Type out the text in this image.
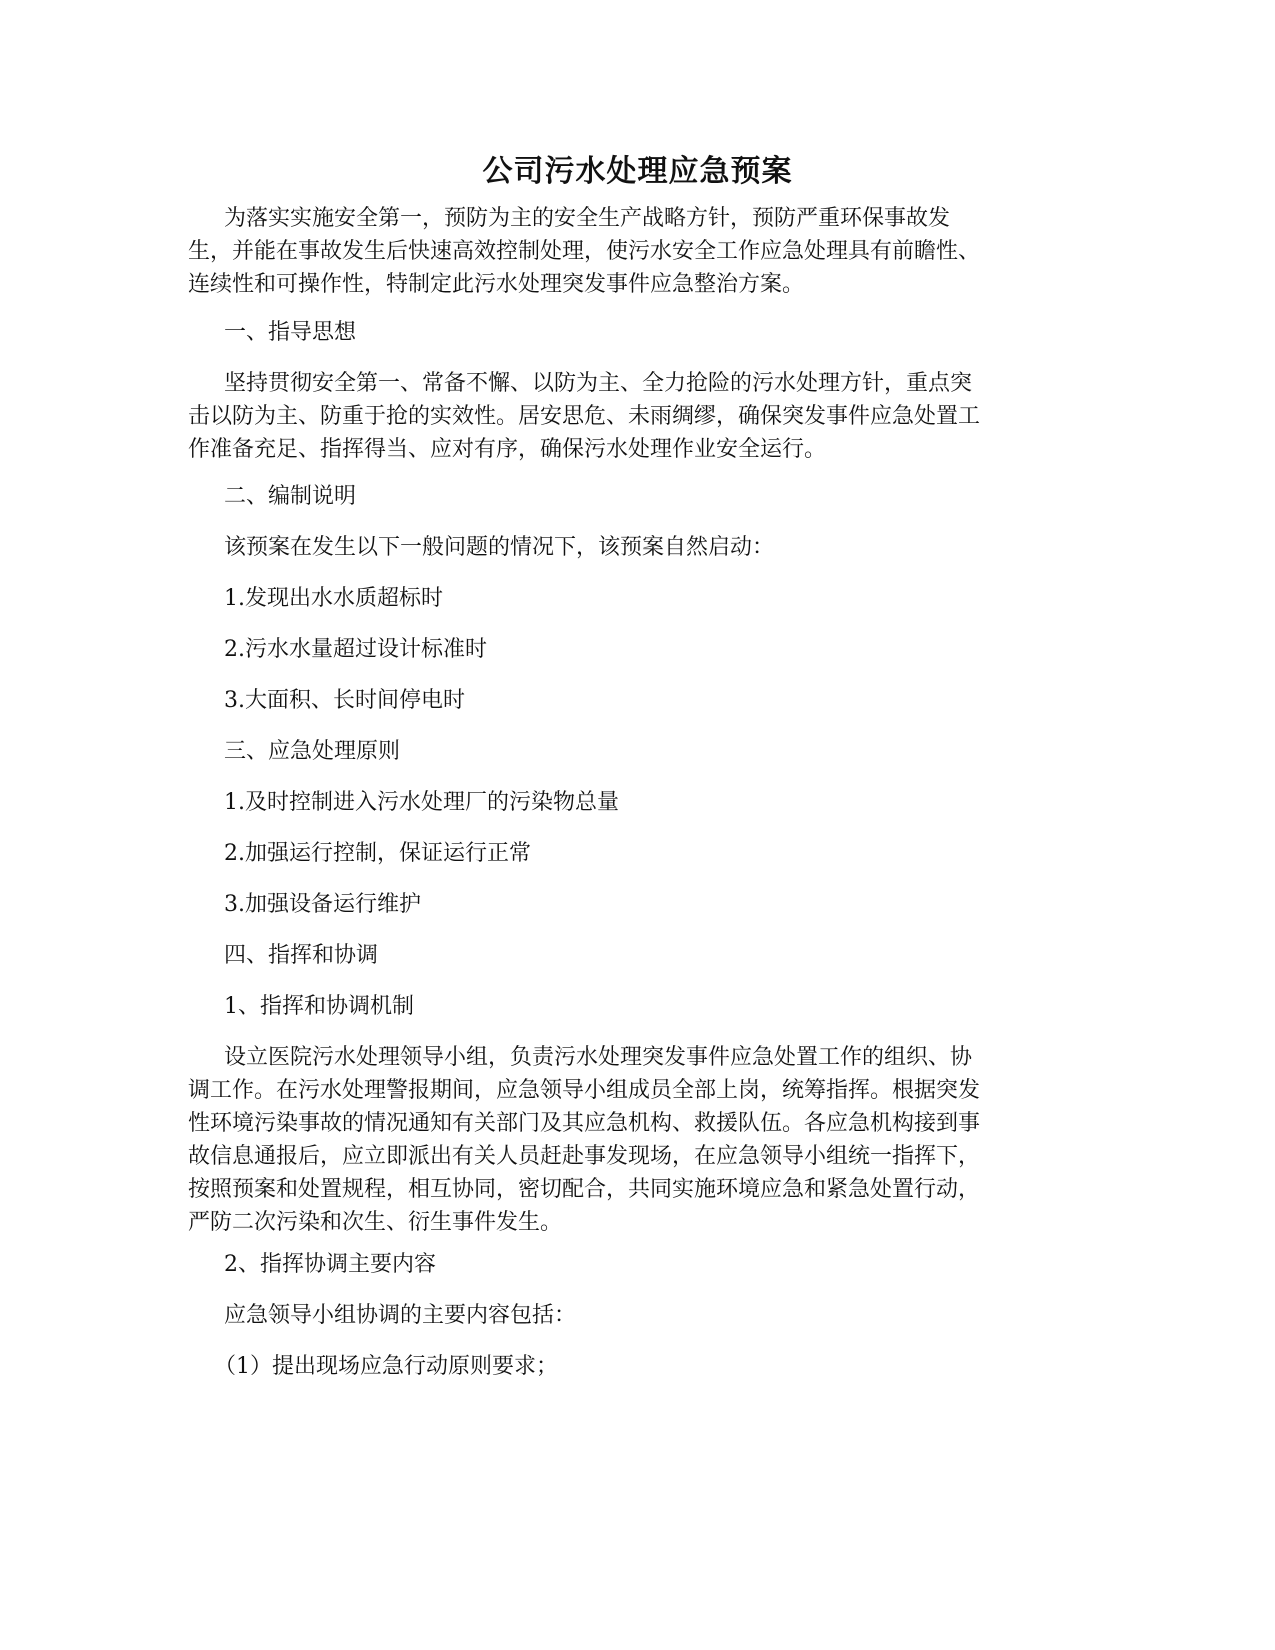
公司污水处理应急预案
为落实实施安全第一，预防为主的安全生产战略方针，预防严重环保事故发
生，并能在事故发生后快速高效控制处理，使污水安全工作应急处理具有前瞻性、
连续性和可操作性，特制定此污水处理突发事件应急整治方案。
一、指导思想
坚持贯彻安全第一、常备不懈、以防为主、全力抢险的污水处理方针，重点突
击以防为主、防重于抢的实效性。居安思危、未雨绸缪，确保突发事件应急处置工
作准备充足、指挥得当、应对有序，确保污水处理作业安全运行。
二、编制说明
该预案在发生以下一般问题的情况下，该预案自然启动：
1.发现出水水质超标时
2.污水水量超过设计标准时
3.大面积、长时间停电时
三、应急处理原则
1.及时控制进入污水处理厂的污染物总量
2.加强运行控制，保证运行正常
3.加强设备运行维护
四、指挥和协调
1、指挥和协调机制
设立医院污水处理领导小组，负责污水处理突发事件应急处置工作的组织、协
调工作。在污水处理警报期间，应急领导小组成员全部上岗，统筹指挥。根据突发
性环境污染事故的情况通知有关部门及其应急机构、救援队伍。各应急机构接到事
故信息通报后，应立即派出有关人员赶赴事发现场，在应急领导小组统一指挥下，
按照预案和处置规程，相互协同，密切配合，共同实施环境应急和紧急处置行动，
严防二次污染和次生、衍生事件发生。
2、指挥协调主要内容
应急领导小组协调的主要内容包括：
（1）提出现场应急行动原则要求；
